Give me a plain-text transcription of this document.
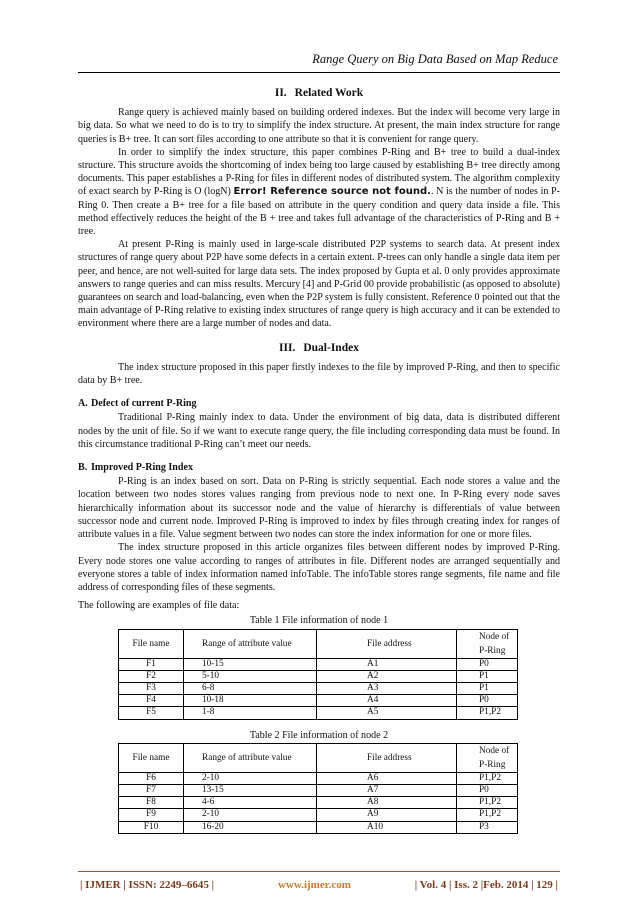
Range Query on Big Data Based on Map Reduce
II. Related Work

Range query is achieved mainly based on building ordered indexes. But the index will become very large in big data. So what we need to do is to try to simplify the index structure. At present, the main index structure for range queries is B+ tree. It can sort files according to one attribute so that it is convenient for range query.

In order to simplify the index structure, this paper combines P-Ring and B+ tree to build a dual-index structure. This structure avoids the shortcoming of index being too large caused by establishing B+ tree directly among documents. This paper establishes a P-Ring for files in different nodes of distributed system. The algorithm complexity of exact search by P-Ring is O (logN) Error! Reference source not found.. N is the number of nodes in P-Ring 0. Then create a B+ tree for a file based on attribute in the query condition and query data inside a file. This method effectively reduces the height of the B + tree and takes full advantage of the characteristics of P-Ring and B + tree.

At present P-Ring is mainly used in large-scale distributed P2P systems to search data. At present index structures of range query about P2P have some defects in a certain extent. P-trees can only handle a single data item per peer, and hence, are not well-suited for large data sets. The index proposed by Gupta et al. 0 only provides approximate answers to range queries and can miss results. Mercury [4] and P-Grid 00 provide probabilistic (as opposed to absolute) guarantees on search and load-balancing, even when the P2P system is fully consistent. Reference 0 pointed out that the main advantage of P-Ring relative to existing index structures of range query is high accuracy and it can be extended to environment where there are a large number of nodes and data.

III. Dual-Index

The index structure proposed in this paper firstly indexes to the file by improved P-Ring, and then to specific data by B+ tree.

A. Defect of current P-Ring

Traditional P-Ring mainly index to data. Under the environment of big data, data is distributed different nodes by the unit of file. So if we want to execute range query, the file including corresponding data must be found. In this circumstance traditional P-Ring can’t meet our needs.

B. Improved P-Ring Index

P-Ring is an index based on sort. Data on P-Ring is strictly sequential. Each node stores a value and the location between two nodes stores values ranging from previous node to next one. In P-Ring every node saves hierarchically information about its successor node and the value of hierarchy is differentials of value between successor node and current node. Improved P-Ring is improved to index by files through creating index for ranges of attribute values in a file. Value segment between two nodes can store the index information for one or more files.

The index structure proposed in this article organizes files between different nodes by improved P-Ring. Every node stores one value according to ranges of attributes in file. Different nodes are arranged sequentially and everyone stores a table of index information named infoTable. The infoTable stores range segments, file name and file address of corresponding files of these segments.

The following are examples of file data:

Table 1 File information of node 1
File name	Range of attribute value	File address	Node of P-Ring
F1	10-15	A1	P0
F2	5-10	A2	P1
F3	6-8	A3	P1
F4	10-18	A4	P0
F5	1-8	A5	P1,P2
Table 2 File information of node 2
File name	Range of attribute value	File address	Node of P-Ring
F6	2-10	A6	P1,P2
F7	13-15	A7	P0
F8	4-6	A8	P1,P2
F9	2-10	A9	P1,P2
F10	16-20	A10	P3
| IJMER | ISSN: 2249–6645 |	www.ijmer.com	| Vol. 4 | Iss. 2 |Feb. 2014 | 129 |
